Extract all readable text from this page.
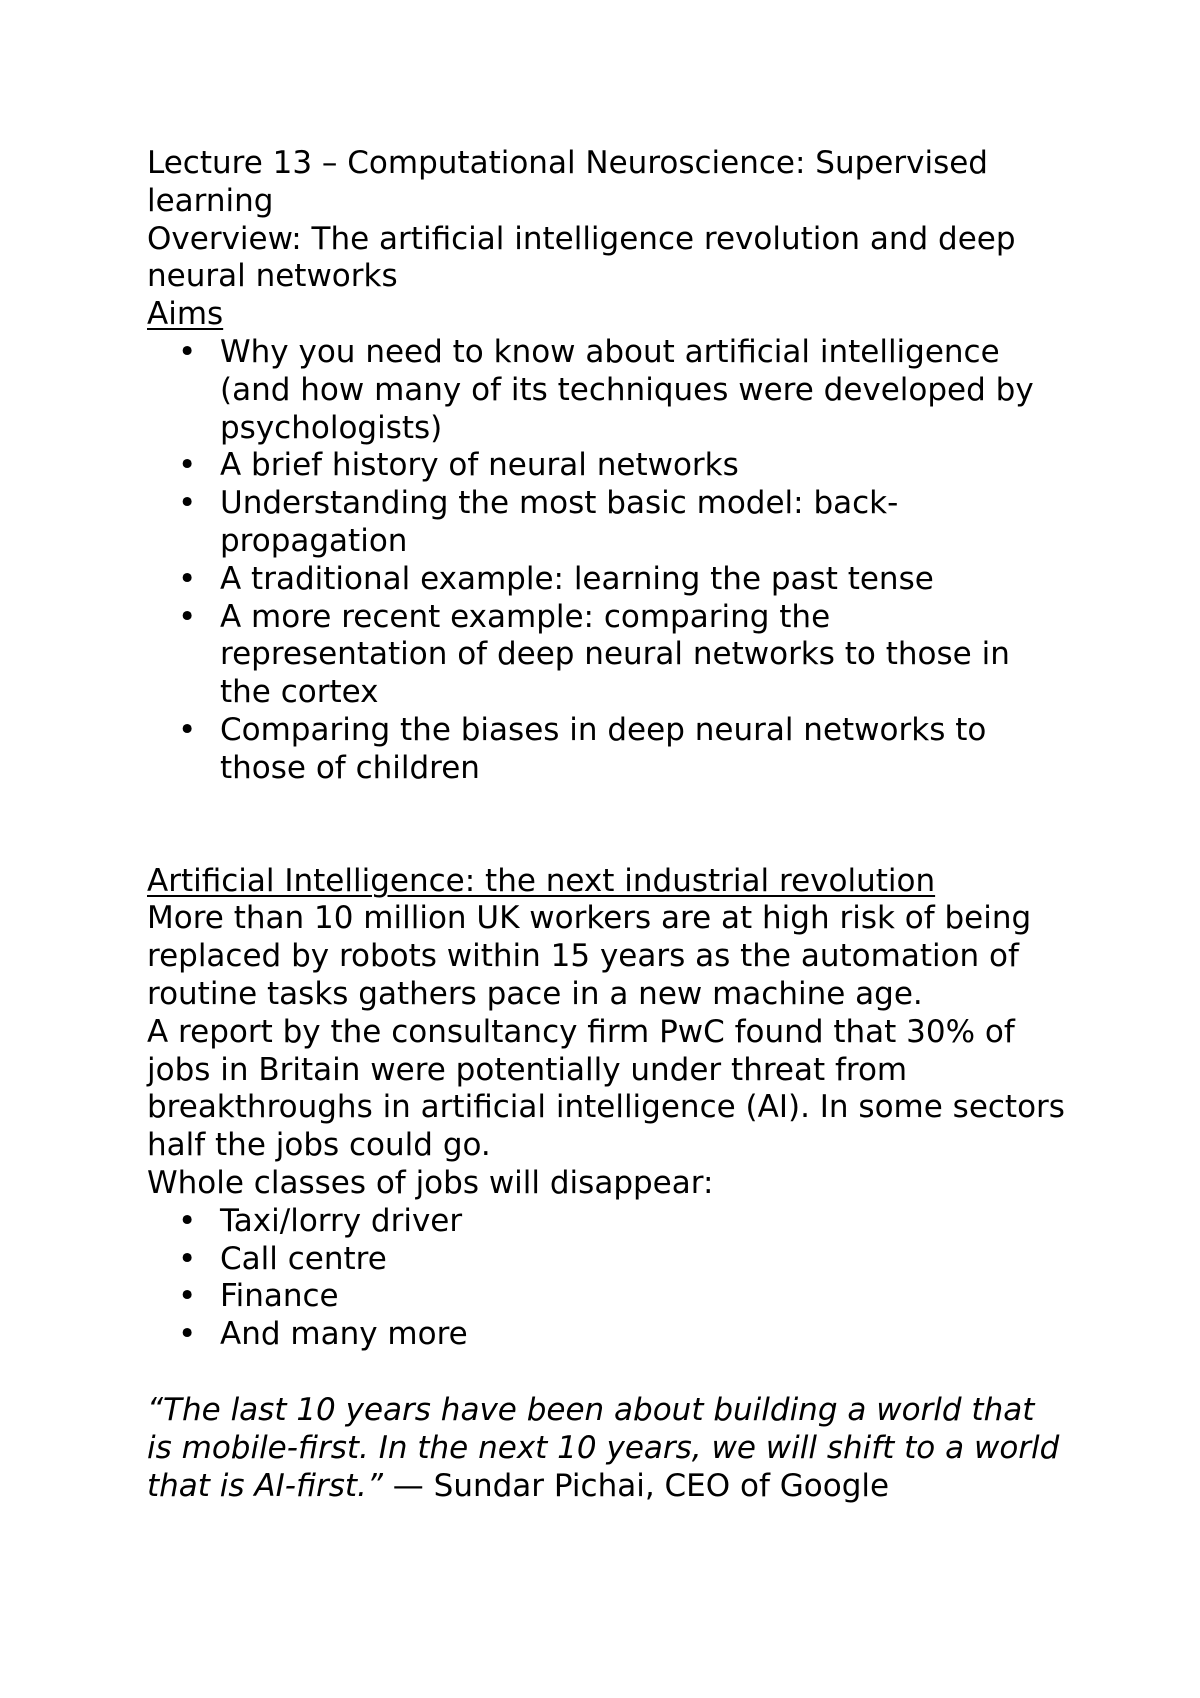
Lecture 13 – Computational Neuroscience: Supervised learning

Overview: The artificial intelligence revolution and deep neural networks

Aims

• Why you need to know about artificial intelligence (and how many of its techniques were developed by psychologists)
• A brief history of neural networks
• Understanding the most basic model: back-propagation
• A traditional example: learning the past tense
• A more recent example: comparing the representation of deep neural networks to those in the cortex
• Comparing the biases in deep neural networks to those of children

Artificial Intelligence: the next industrial revolution

More than 10 million UK workers are at high risk of being replaced by robots within 15 years as the automation of routine tasks gathers pace in a new machine age.

A report by the consultancy firm PwC found that 30% of jobs in Britain were potentially under threat from breakthroughs in artificial intelligence (AI). In some sectors half the jobs could go.

Whole classes of jobs will disappear:

• Taxi/lorry driver
• Call centre
• Finance
• And many more

“The last 10 years have been about building a world that is mobile-first. In the next 10 years, we will shift to a world that is AI-first.” — Sundar Pichai, CEO of Google
